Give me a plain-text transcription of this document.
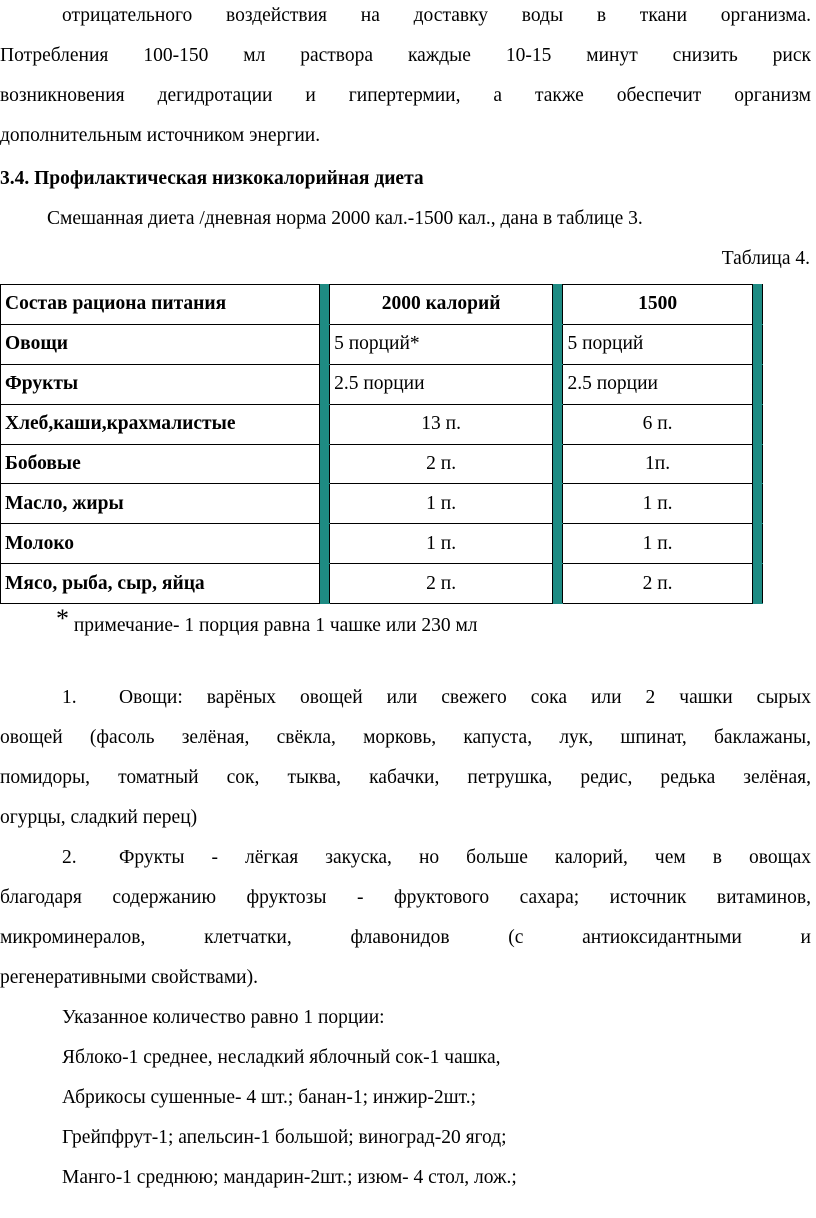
отрицательного воздействия на доставку воды в ткани организма.
Потребления 100-150 мл раствора каждые 10-15 минут снизить риск
возникновения дегидротации и гипертермии, а также обеспечит организм
дополнительным источником энергии.
3.4. Профилактическая низкокалорийная диета
Смешанная диета /дневная норма 2000 кал.-1500 кал., дана в таблице 3.
Таблица 4.
Состав рациона питания		2000 калорий		1500	
Овощи		5 порций*		5 порций	
Фрукты		2.5 порции		2.5 порции	
Хлеб,каши,крахмалистые		13 п.		6 п.	
Бобовые		2 п.		1п.	
Масло, жиры		1 п.		1 п.	
Молоко		1 п.		1 п.	
Мясо, рыба, сыр, яйца		2 п.		2 п.	
* примечание- 1 порция равна 1 чашке или 230 мл
1. Овощи: варёных овощей или свежего сока или 2 чашки сырых
овощей (фасоль зелёная, свёкла, морковь, капуста, лук, шпинат, баклажаны,
помидоры, томатный сок, тыква, кабачки, петрушка, редис, редька зелёная,
огурцы, сладкий перец)
2. Фрукты - лёгкая закуска, но больше калорий, чем в овощах
благодаря содержанию фруктозы - фруктового сахара; источник витаминов,
микроминералов, клетчатки, флавонидов (с антиоксидантными и
регенеративными свойствами).
Указанное количество равно 1 порции:
Яблоко-1 среднее, несладкий яблочный сок-1 чашка,
Абрикосы сушенные- 4 шт.; банан-1; инжир-2шт.;
Грейпфрут-1; апельсин-1 большой; виноград-20 ягод;
Манго-1 среднюю; мандарин-2шт.; изюм- 4 стол, лож.;
